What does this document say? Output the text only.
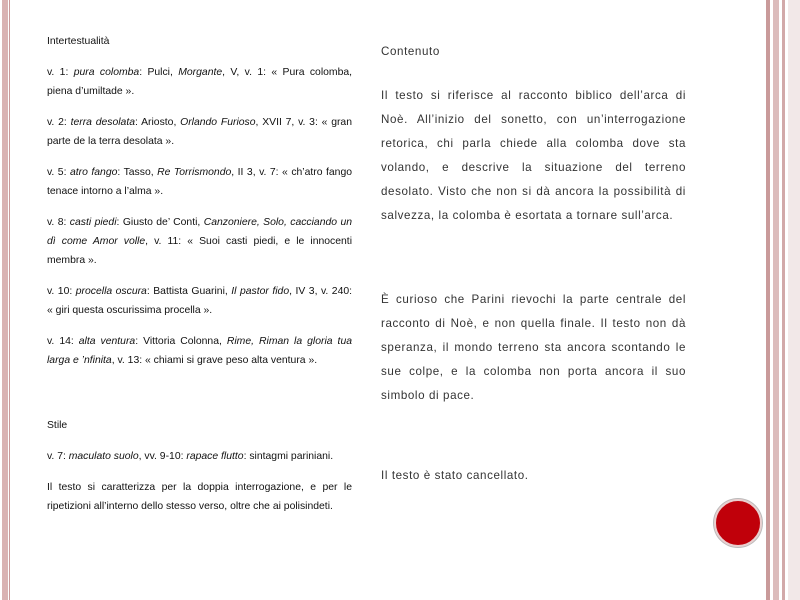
Intertestualità
v. 1: pura colomba: Pulci, Morgante, V, v. 1: « Pura colomba, piena d’umiltade ».
v. 2: terra desolata: Ariosto, Orlando Furioso, XVII 7, v. 3: « gran parte de la terra desolata ».
v. 5: atro fango: Tasso, Re Torrismondo, II 3, v. 7: « ch’atro fango tenace intorno a l’alma ».
v. 8: casti piedi: Giusto de’ Conti, Canzoniere, Solo, cacciando un dì come Amor volle, v. 11: « Suoi casti piedi, e le innocenti membra ».
v. 10: procella oscura: Battista Guarini, Il pastor fido, IV 3, v. 240: « giri questa oscurissima procella ».
v. 14: alta ventura: Vittoria Colonna, Rime, Riman la gloria tua larga e ’nfinita, v. 13: « chiami si grave peso alta ventura ».
Stile
v. 7: maculato suolo, vv. 9-10: rapace flutto: sintagmi pariniani.
Il testo si caratterizza per la doppia interrogazione, e per le ripetizioni all’interno dello stesso verso, oltre che ai polisindeti.
Contenuto
Il testo si riferisce al racconto biblico dell’arca di Noè. All’inizio del sonetto, con un’interrogazione retorica, chi parla chiede alla colomba dove sta volando, e descrive la situazione del terreno desolato. Visto che non si dà ancora la possibilità di salvezza, la colomba è esortata a tornare sull’arca.
È curioso che Parini rievochi la parte centrale del racconto di Noè, e non quella finale. Il testo non dà speranza, il mondo terreno sta ancora scontando le sue colpe, e la colomba non porta ancora il suo simbolo di pace.
Il testo è stato cancellato.
